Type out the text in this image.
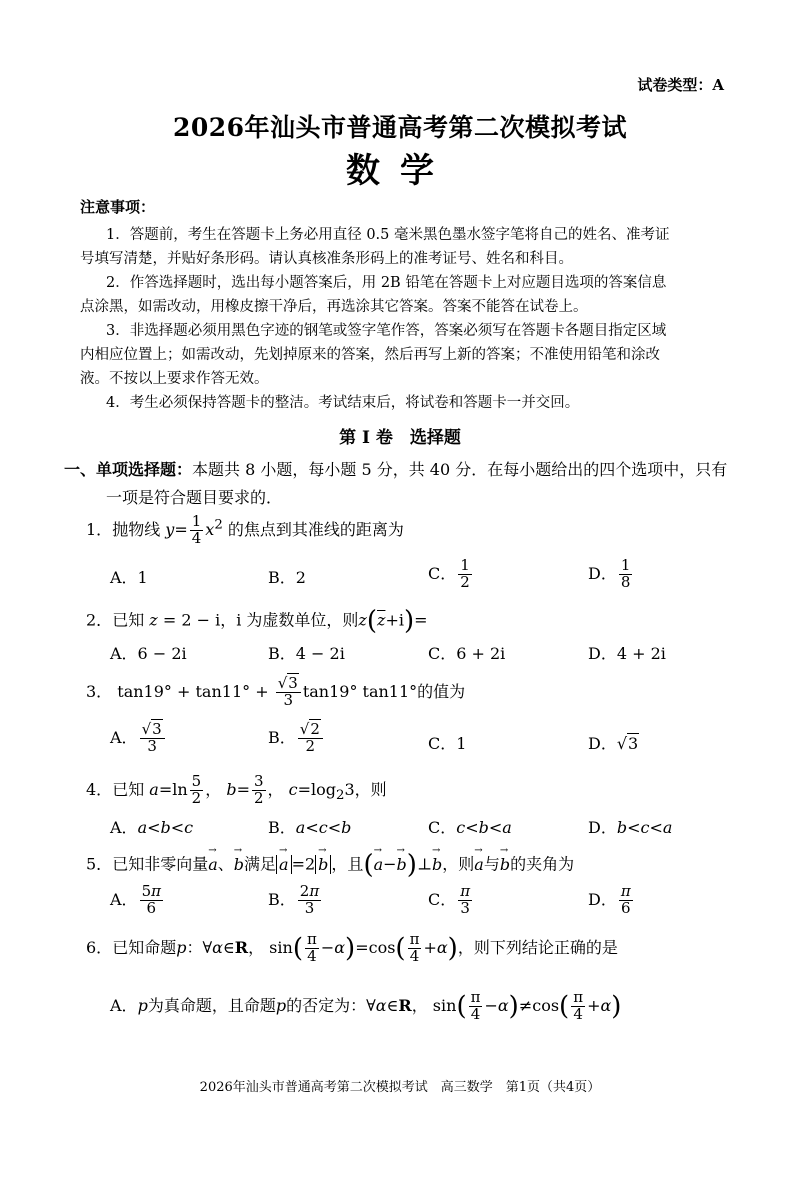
试卷类型：A
2026年汕头市普通高考第二次模拟考试
数学
注意事项：
1．答题前，考生在答题卡上务必用直径 0.5 毫米黑色墨水签字笔将自己的姓名、准考证
号填写清楚，并贴好条形码。请认真核准条形码上的准考证号、姓名和科目。
2．作答选择题时，选出每小题答案后，用 2B 铅笔在答题卡上对应题目选项的答案信息
点涂黑，如需改动，用橡皮擦干净后，再选涂其它答案。答案不能答在试卷上。
3．非选择题必须用黑色字迹的钢笔或签字笔作答，答案必须写在答题卡各题目指定区域
内相应位置上；如需改动，先划掉原来的答案，然后再写上新的答案；不准使用铅笔和涂改
液。不按以上要求作答无效。
4．考生必须保持答题卡的整洁。考试结束后，将试卷和答题卡一并交回。
第 I 卷　选择题
一、单项选择题：本题共 8 小题，每小题 5 分，共 40 分．在每小题给出的四个选项中，只有
一项是符合题目要求的．
1．抛物线 $y= \frac{1}{4} x^2$ 的焦点到其准线的距离为
A．1	B．2	C． $\frac{1}{2}$	D． $\frac{1}{8}$
2．已知 z = 2 − i，i 为虚数单位，则$z(\overline{z}+i)=$
A．6 − 2i	B．4 − 2i	C．6 + 2i	D．4 + 2i
3． $\tan 19^\circ + \tan 11^\circ + \frac{√3}{3} \tan 19^\circ$ tan11°的值为
A． $\frac{√3}{3}$	B． $\frac{√2}{2}$	C．1	D．√3
4．已知 $a=\ln \frac{5}{2}$ ， $b= \frac{3}{2}$ ， $c=\log_23$，则
A．a<b<c	B．a<c<b	C．c<b<a	D．b<c<a
5．已知非零向量→ a、→ b满足 → a =2 → b ，且(→ a−→ b)⊥→ b，则→ a与→ b的夹角为
A． $\frac{5\pi}{6}$	B． $\frac{2\pi}{3}$	C． $\frac{\pi}{3}$	D． $\frac{\pi}{6}$
6．已知命题p：∀α∈R， $\sin( \frac{\pi}{4} -\alpha)=\cos( \frac{\pi}{4} +\alpha)$，则下列结论正确的是
A．p为真命题，且命题p的否定为：∀α∈R， $\sin( \frac{\pi}{4} -\alpha)\ne\cos( \frac{\pi}{4} +\alpha)$
2026年汕头市普通高考第二次模拟考试　高三数学　第1页（共4页）
